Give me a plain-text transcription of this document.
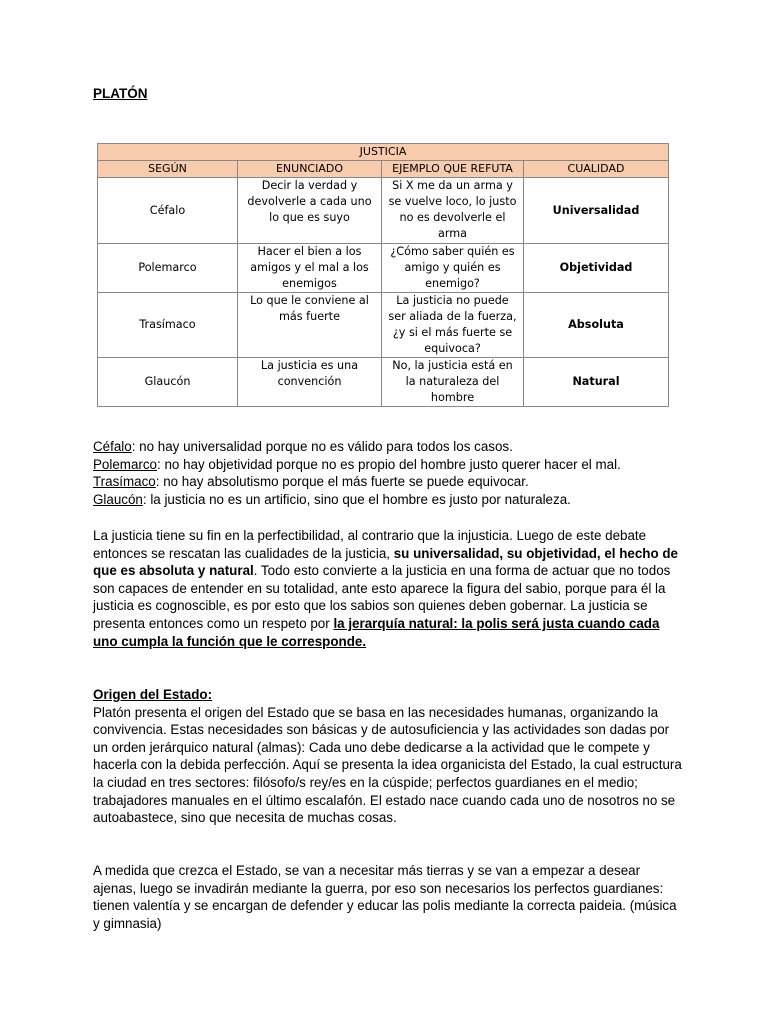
PLATÓN
JUSTICIA			
SEGÚN	ENUNCIADO	EJEMPLO QUE REFUTA	CUALIDAD
Céfalo	Decir la verdad y devolverle a cada uno lo que es suyo	Si X me da un arma y se vuelve loco, lo justo no es devolverle el arma	Universalidad
Polemarco	Hacer el bien a los amigos y el mal a los enemigos	¿Cómo saber quién es amigo y quién es enemigo?	Objetividad
Trasímaco	Lo que le conviene al más fuerte	La justicia no puede ser aliada de la fuerza, ¿y si el más fuerte se equivoca?	Absoluta
Glaucón	La justicia es una convención	No, la justicia está en la naturaleza del hombre	Natural
Céfalo: no hay universalidad porque no es válido para todos los casos.
Polemarco: no hay objetividad porque no es propio del hombre justo querer hacer el mal.
Trasímaco: no hay absolutismo porque el más fuerte se puede equivocar.
Glaucón: la justicia no es un artificio, sino que el hombre es justo por naturaleza.

La justicia tiene su fin en la perfectibilidad, al contrario que la injusticia. Luego de este debate entonces se rescatan las cualidades de la justicia, su universalidad, su objetividad, el hecho de que es absoluta y natural. Todo esto convierte a la justicia en una forma de actuar que no todos son capaces de entender en su totalidad, ante esto aparece la figura del sabio, porque para él la justicia es cognoscible, es por esto que los sabios son quienes deben gobernar. La justicia se presenta entonces como un respeto por la jerarquía natural: la polis será justa cuando cada uno cumpla la función que le corresponde.

Origen del Estado:
Platón presenta el origen del Estado que se basa en las necesidades humanas, organizando la convivencia. Estas necesidades son básicas y de autosuficiencia y las actividades son dadas por un orden jerárquico natural (almas): Cada uno debe dedicarse a la actividad que le compete y hacerla con la debida perfección. Aquí se presenta la idea organicista del Estado, la cual estructura la ciudad en tres sectores: filósofo/s rey/es en la cúspide; perfectos guardianes en el medio; trabajadores manuales en el último escalafón. El estado nace cuando cada uno de nosotros no se autoabastece, sino que necesita de muchas cosas.

A medida que crezca el Estado, se van a necesitar más tierras y se van a empezar a desear ajenas, luego se invadirán mediante la guerra, por eso son necesarios los perfectos guardianes: tienen valentía y se encargan de defender y educar las polis mediante la correcta paideia. (música y gimnasia)
